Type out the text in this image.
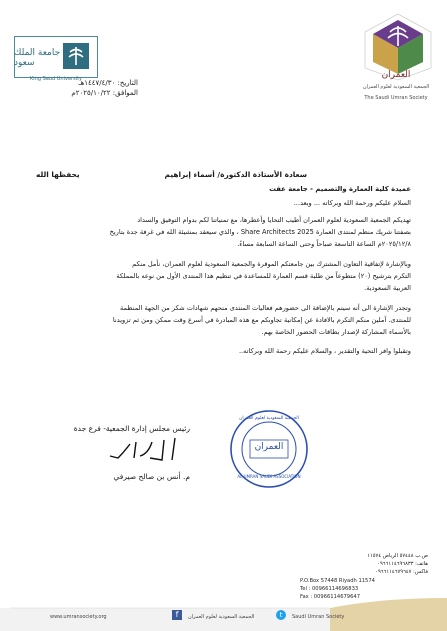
جامعة الملك سعود
King Saud University	العمران
الجمعية السعودية لعلوم العمران
The Saudi Umran Society
التاريخ: ١٤٤٧/٤/٣٠هـ
الموافق: ٢٠٢٥/١٠/٢٢م
سعادة الأستاذة الدكتورة/ أسماء إبراهيم
يحفظها الله
عميدة كلية العمارة والتصميم - جامعة عفت
السلام عليكم ورحمة الله وبركاته ... وبعد...
تهديكم الجمعية السعودية لعلوم العمران أطيب التحايا وأعطرها، مع تمنياتنا لكم بدوام التوفيق والسداد
بصفتنا شريك منظم لمنتدى العمارة Share Architects 2025 ، والذي سيعقد بمشيئة الله في غرفة جدة بتاريخ
٢٠٢٥/١٢/٨م الساعة التاسعة صباحاً وحتى الساعة السابعة مساءً.
وبالإشارة لإتفاقية التعاون المشترك بين جامعتكم الموقرة والجمعية السعودية لعلوم العمران، نأمل منكم
التكرم بترشيح (٢٠) متطوعاً من طلبة قسم العمارة للمساعدة في تنظيم هذا المنتدى الأول من نوعه بالمملكة
العربية السعودية.
وتجدر الإشارة الى أنه سيتم بالإضافة الى حضورهم فعاليات المنتدى منحهم شهادات شكر من الجهة المنظمة
للمنتدى. آملين منكم التكرم بالافادة عن إمكانية تجاوبكم مع هذه المبادرة في أسرع وقت ممكن ومن ثم تزويدنا
بالأسماء المشاركة لإصدار بطاقات الحضور الخاصة بهم.
وتقبلوا وافر التحية والتقدير ، والسلام عليكم رحمة الله وبركاته..
رئيس مجلس إدارة الجمعية- فرع جدة
م. أنس بن صالح صيرفي
الجمعية السعودية لعلوم العمران
العمران
AL UMRAN SAUDI ASSOCIATION
ص.ب ٥٧٤٤٨ الرياض ١١٥٧٤
هاتف: ٠٩٦٦١١٤٦٩٦٨٣٣
فاكس: ٠٩٦٦١١٤٦٧٩٦٤٧
P.O.Box 57448 Riyadh 11574
Tel : 00966114696833
Fax : 00966114679647
www.umransociety.org	f	الجمعية السعودية لعلوم العمران	t	Saudi Umran Society
